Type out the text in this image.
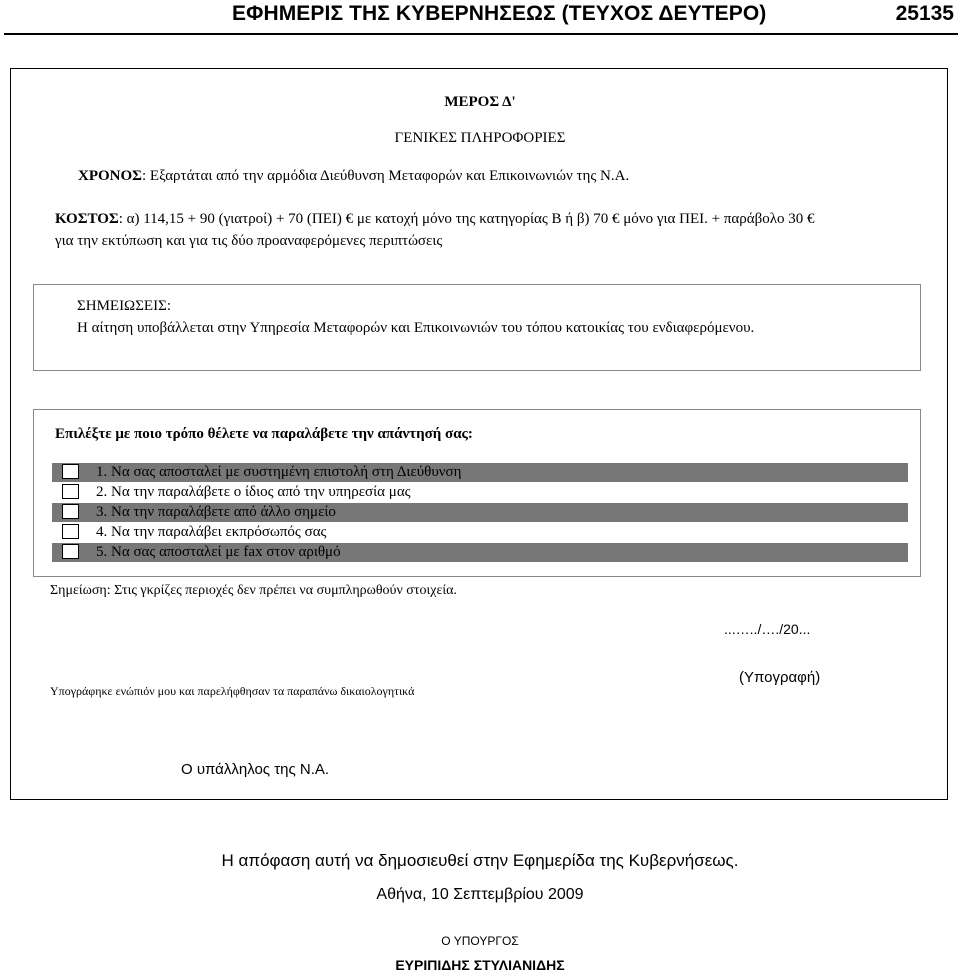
ΕΦΗΜΕΡΙΣ ΤΗΣ ΚΥΒΕΡΝΗΣΕΩΣ (ΤΕΥΧΟΣ ΔΕΥΤΕΡΟ)	25135
ΜΕΡΟΣ Δ'
ΓΕΝΙΚΕΣ ΠΛΗΡΟΦΟΡΙΕΣ
ΧΡΟΝΟΣ: Εξαρτάται από την αρμόδια Διεύθυνση Μεταφορών και Επικοινωνιών της Ν.Α.
ΚΟΣΤΟΣ: α) 114,15 + 90 (γιατροί) + 70 (ΠΕΙ) € με κατοχή μόνο της κατηγορίας Β ή β) 70 € μόνο για ΠΕΙ. + παράβολο 30 €
για την εκτύπωση και για τις δύο προαναφερόμενες περιπτώσεις
ΣΗΜΕΙΩΣΕΙΣ:
Η αίτηση υποβάλλεται στην Υπηρεσία Μεταφορών και Επικοινωνιών του τόπου κατοικίας του ενδιαφερόμενου.
Επιλέξτε με ποιο τρόπο θέλετε να παραλάβετε την απάντησή σας:
1. Να σας αποσταλεί με συστημένη επιστολή στη Διεύθυνση
2. Να την παραλάβετε ο ίδιος από την υπηρεσία μας
3. Να την παραλάβετε από άλλο σημείο
4. Να την παραλάβει εκπρόσωπός σας
5. Να σας αποσταλεί με fax στον αριθμό
Σημείωση: Στις γκρίζες περιοχές δεν πρέπει να συμπληρωθούν στοιχεία.
...…../…./20...
(Υπογραφή)
Υπογράφηκε ενώπιόν μου και παρελήφθησαν τα παραπάνω δικαιολογητικά
Ο υπάλληλος της Ν.Α.
Η απόφαση αυτή να δημοσιευθεί στην Εφημερίδα της Κυβερνήσεως.
Αθήνα, 10 Σεπτεμβρίου 2009
Ο ΥΠΟΥΡΓΟΣ
ΕΥΡΙΠΙΔΗΣ ΣΤΥΛΙΑΝΙΔΗΣ
